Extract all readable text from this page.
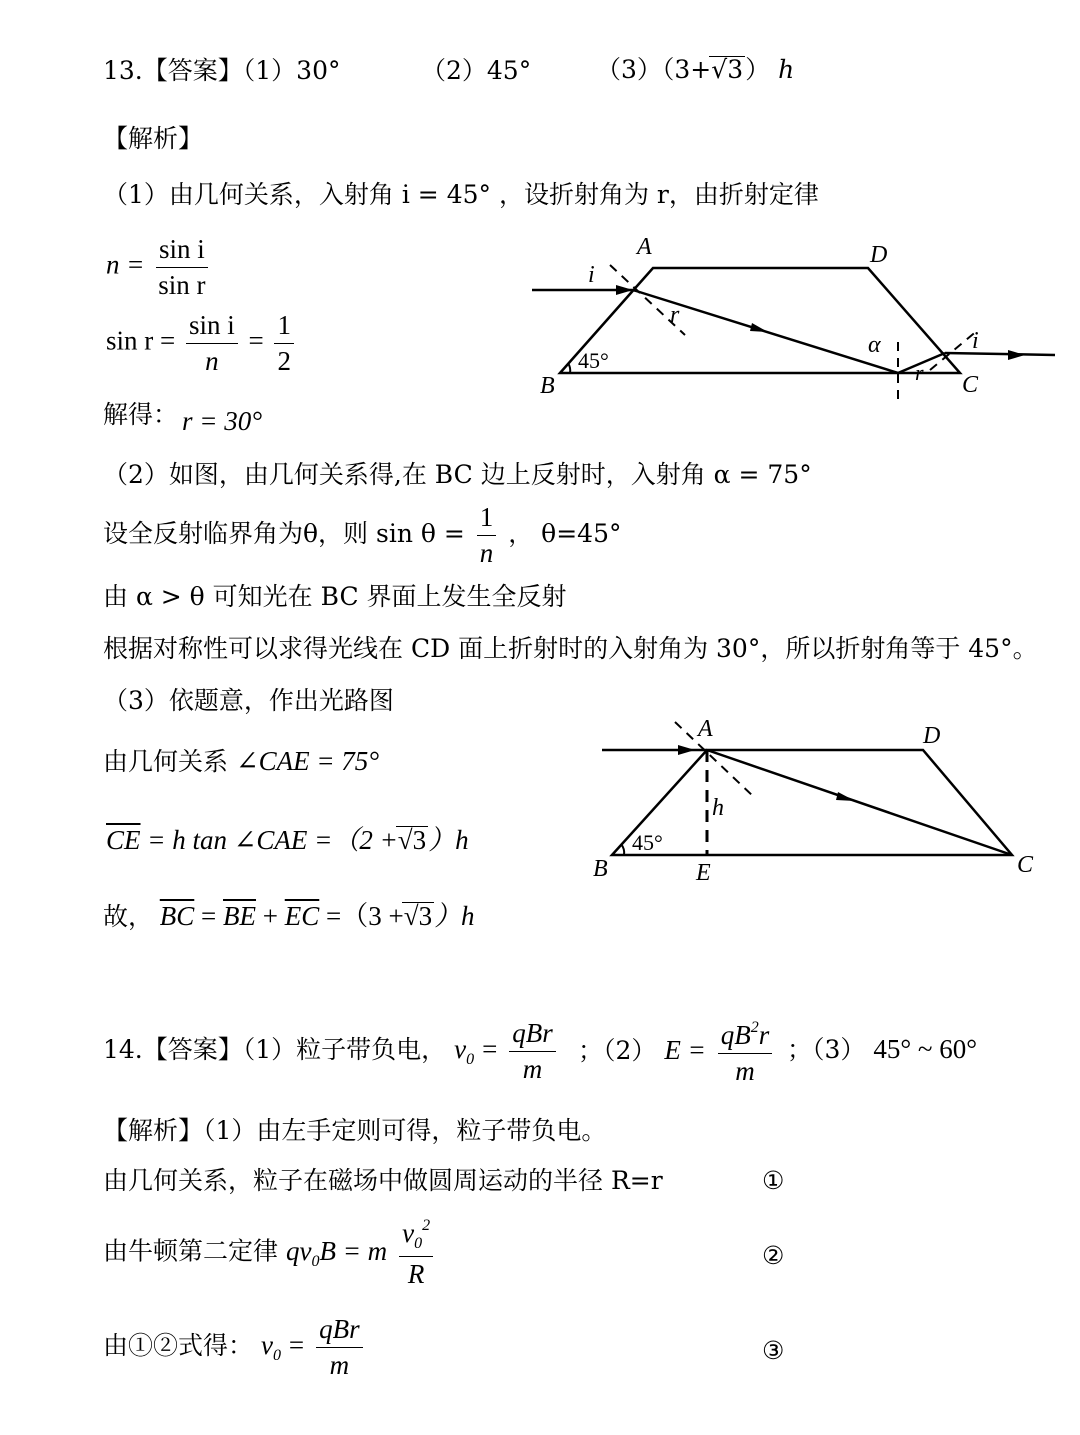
13.【答案】（1）30°	（2）45°	（3）（3+√3） h
【解析】
（1）由几何关系，入射角 i = 45° ，设折射角为 r，由折射定律
$n = \frac{\text{sin i}}{\text{sin r}}$
$\sin r = \frac{\text{sin i}}{n} = \frac{1}{2}$
解得： r = 30°
（2）如图，由几何关系得,在 BC 边上反射时，入射角 α = 75°
设全反射临界角为θ，则 $\sin \theta = \frac{1}{n}$ ， θ=45°
由 α > θ 可知光在 BC 界面上发生全反射
根据对称性可以求得光线在 CD 面上折射时的入射角为 30°，所以折射角等于 45°。
（3）依题意，作出光路图
由几何关系 ∠CAE = 75°
$\overline{CE} = h$ tan ∠CAE =（2 +√3）h
故， $\overline{BC} = \overline{BE} + \overline{EC} =(3 +√3)h$
A
B	C
D
i
r
45°
α
r
i
A
B	C
D
E
h
45°
14.【答案】（1）粒子带负电， $v_0 = \frac{\text{qBr}}{m}$ ；（2） $E = \frac{qB^2r}{m}$ ；（3） 45° ~ 60°
【解析】（1）由左手定则可得，粒子带负电。
由几何关系，粒子在磁场中做圆周运动的半径 R=r	①
由牛顿第二定律 $qv_0B = m \frac{v_0^2}{R}$	②
由①②式得： $v_0 = \frac{\text{qBr}}{m}$	③
